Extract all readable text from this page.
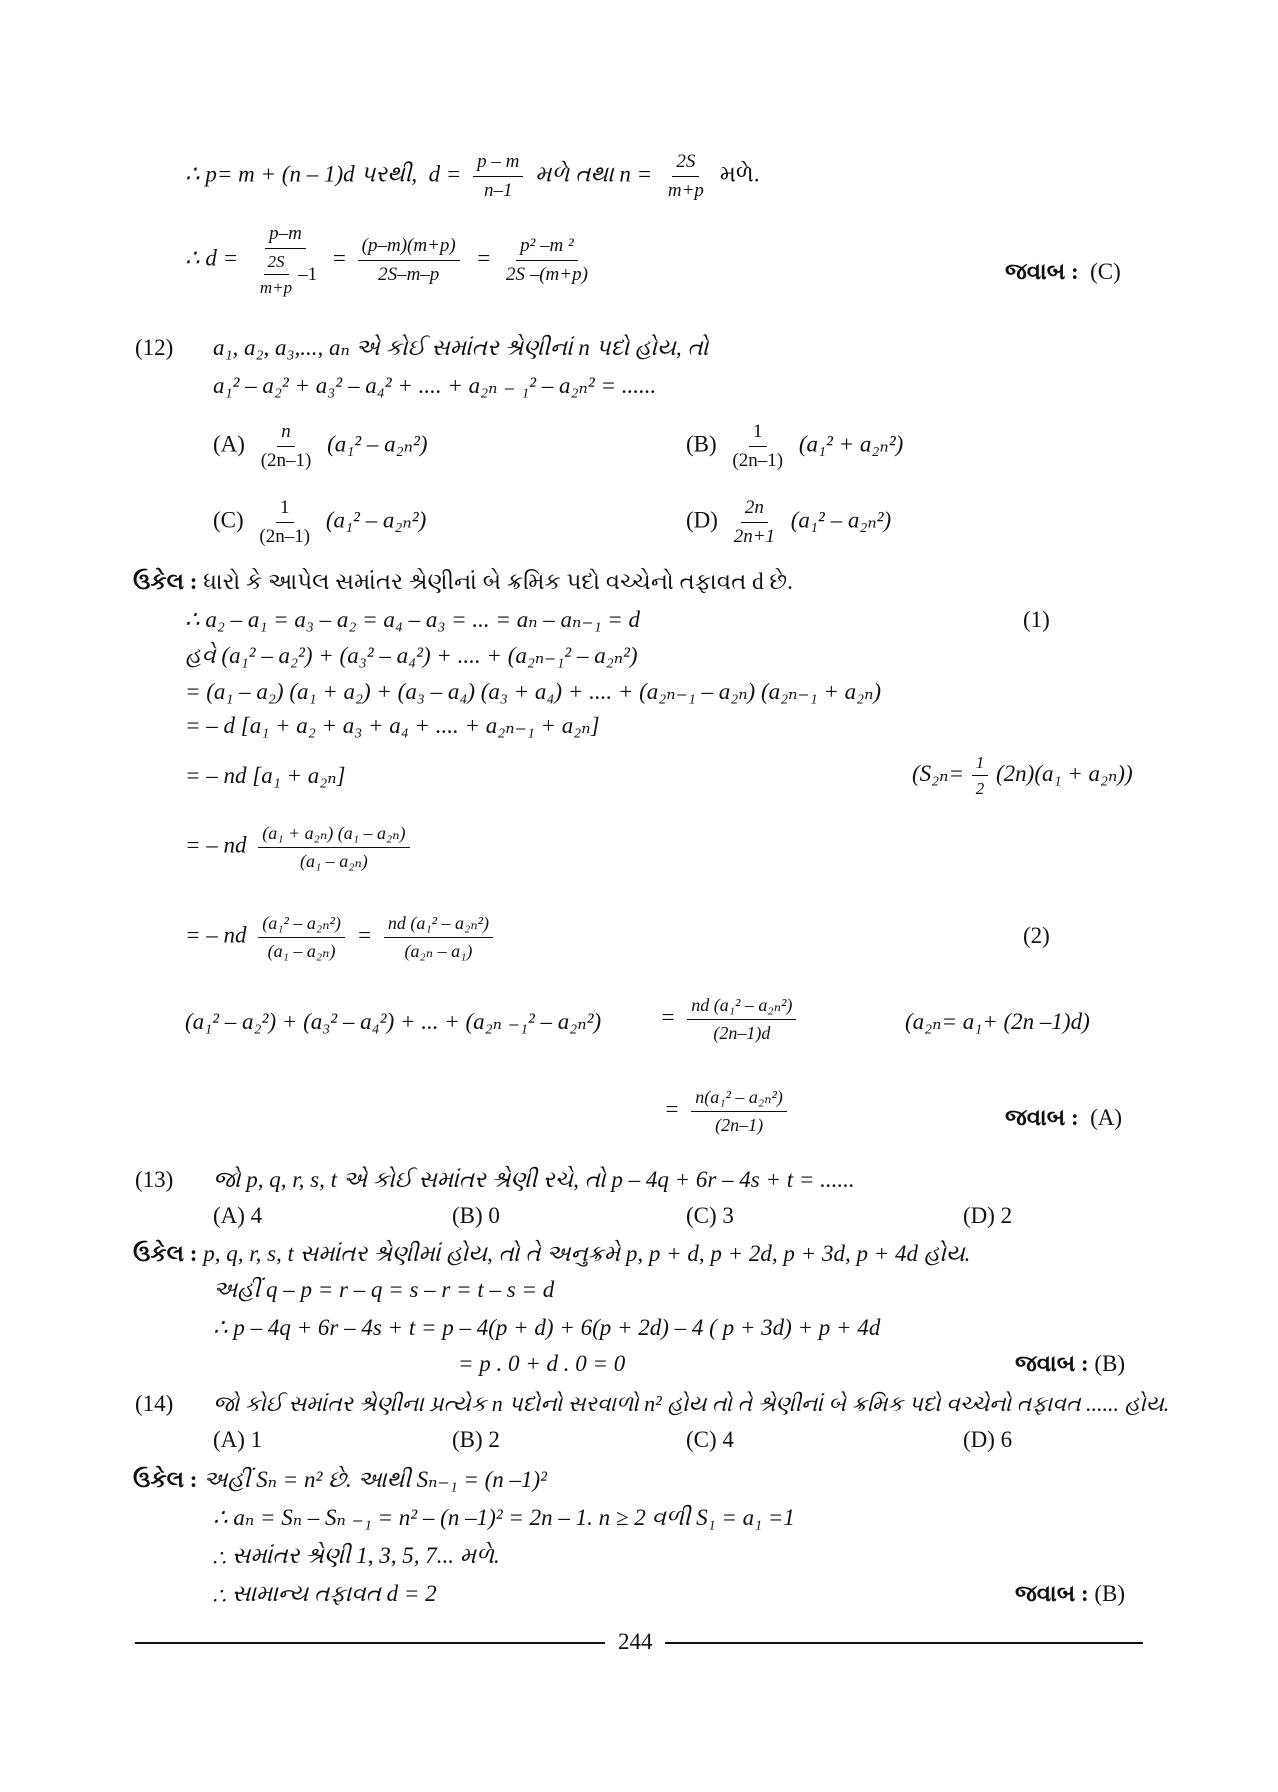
∴ p= m + (n – 1)d પરથી, $d = \frac{p - m}{n-1}$ મળે તથા $n = \frac{2S}{m+p}$ મળે.
∴ $d = \frac{p-m}{\frac{2S}{m+p} -1} = \frac{(p-m)(m+p)}{2S-m-p} = \frac{\text{p² –m ²}}{2S -(m+p)}$	જવાબ : (C)
(12) a₁, a₂, a₃,..., aₙ એ કોઈ સમાંતર શ્રેણીનાં n પદો હોય, તો
a₁² – a₂² + a₃² – a₄² + .... + a₂ₙ ₋ ₁² – a₂ₙ² = ......
$(A) \frac{n}{(2n-1)} (a_1^2 - a_{2n}^2)$	$(B) \frac{1}{(2n-1)} (a_1^2 + a_{2n}^2)$
$(C) \frac{1}{(2n-1)} (a_1^2 - a_{2n}^2)$	$(D) \frac{2n}{2n+1} (a_1^2 - a_{2n}^2)$
ઉકેલ : ધારો કે આપેલ સમાંતર શ્રેણીનાં બે ક્રમિક પદો વચ્ચેનો તફાવત d છે.
∴ a₂ – a₁ = a₃ – a₂ = a₄ – a₃ = ... = aₙ – aₙ₋₁ = d	(1)
હવે (a₁² – a₂²) + (a₃² – a₄²) + .... + (a₂ₙ₋₁² – a₂ₙ²)
= (a₁ – a₂) (a₁ + a₂) + (a₃ – a₄) (a₃ + a₄) + .... + (a₂ₙ₋₁ – a₂ₙ) (a₂ₙ₋₁ + a₂ₙ)
= – d [a₁ + a₂ + a₃ + a₄ + .... + a₂ₙ₋₁ + a₂ₙ]
= – nd [a₁ + a₂ₙ]	$(S_{2n}= \frac{1}{2} (2n)(a_1 + a_{2n}))$
= – nd $\frac{\text{(a₁ + a₂ₙ) (a₁ – a₂ₙ)}}{\text{(a₁ – a₂ₙ)}}$
= – nd $\frac{\text{(a₁² – a₂ₙ²)}}{\text{(a₁ – a₂ₙ)}} = \frac{\text{nd (a₁² – a₂ₙ²)}}{\text{(a₂ₙ – a₁)}}$	(2)
(a₁² – a₂²) + (a₃² – a₄²) + ... + (a₂ₙ ₋₁² – a₂ₙ²)	= $\frac{\text{nd (a₁² – a₂ₙ²)}}{(2n-1)d}$	(a₂ₙ= a₁+ (2n –1)d)
= $\frac{\text{n(a₁² – a₂ₙ²)}}{(2n-1)}$	જવાબ : (A)
(13) જો p, q, r, s, t એ કોઈ સમાંતર શ્રેણી રચે, તો p – 4q + 6r – 4s + t = ......
(A) 4	(B) 0	(C) 3	(D) 2
ઉકેલ : p, q, r, s, t સમાંતર શ્રેણીમાં હોય, તો તે અનુક્રમે p, p + d, p + 2d, p + 3d, p + 4d હોય.
અહીં q – p = r – q = s – r = t – s = d
∴ p – 4q + 6r – 4s + t = p – 4(p + d) + 6(p + 2d) – 4 ( p + 3d) + p + 4d
= p . 0 + d . 0 = 0	જવાબ : (B)
(14) જો કોઈ સમાંતર શ્રેણીના પ્રત્યેક n પદોનો સરવાળો n² હોય તો તે શ્રેણીનાં બે ક્રમિક પદો વચ્ચેનો તફાવત ...... હોય.
(A) 1	(B) 2	(C) 4	(D) 6
ઉકેલ : અહીં Sₙ = n² છે. આથી Sₙ₋₁ = (n –1)²
∴ aₙ = Sₙ – Sₙ ₋₁ = n² – (n –1)² = 2n – 1. n ≥ 2 વળી S₁ = a₁ =1
∴ સમાંતર શ્રેણી 1, 3, 5, 7... મળે.
∴ સામાન્ય તફાવત d = 2	જવાબ : (B)
244
